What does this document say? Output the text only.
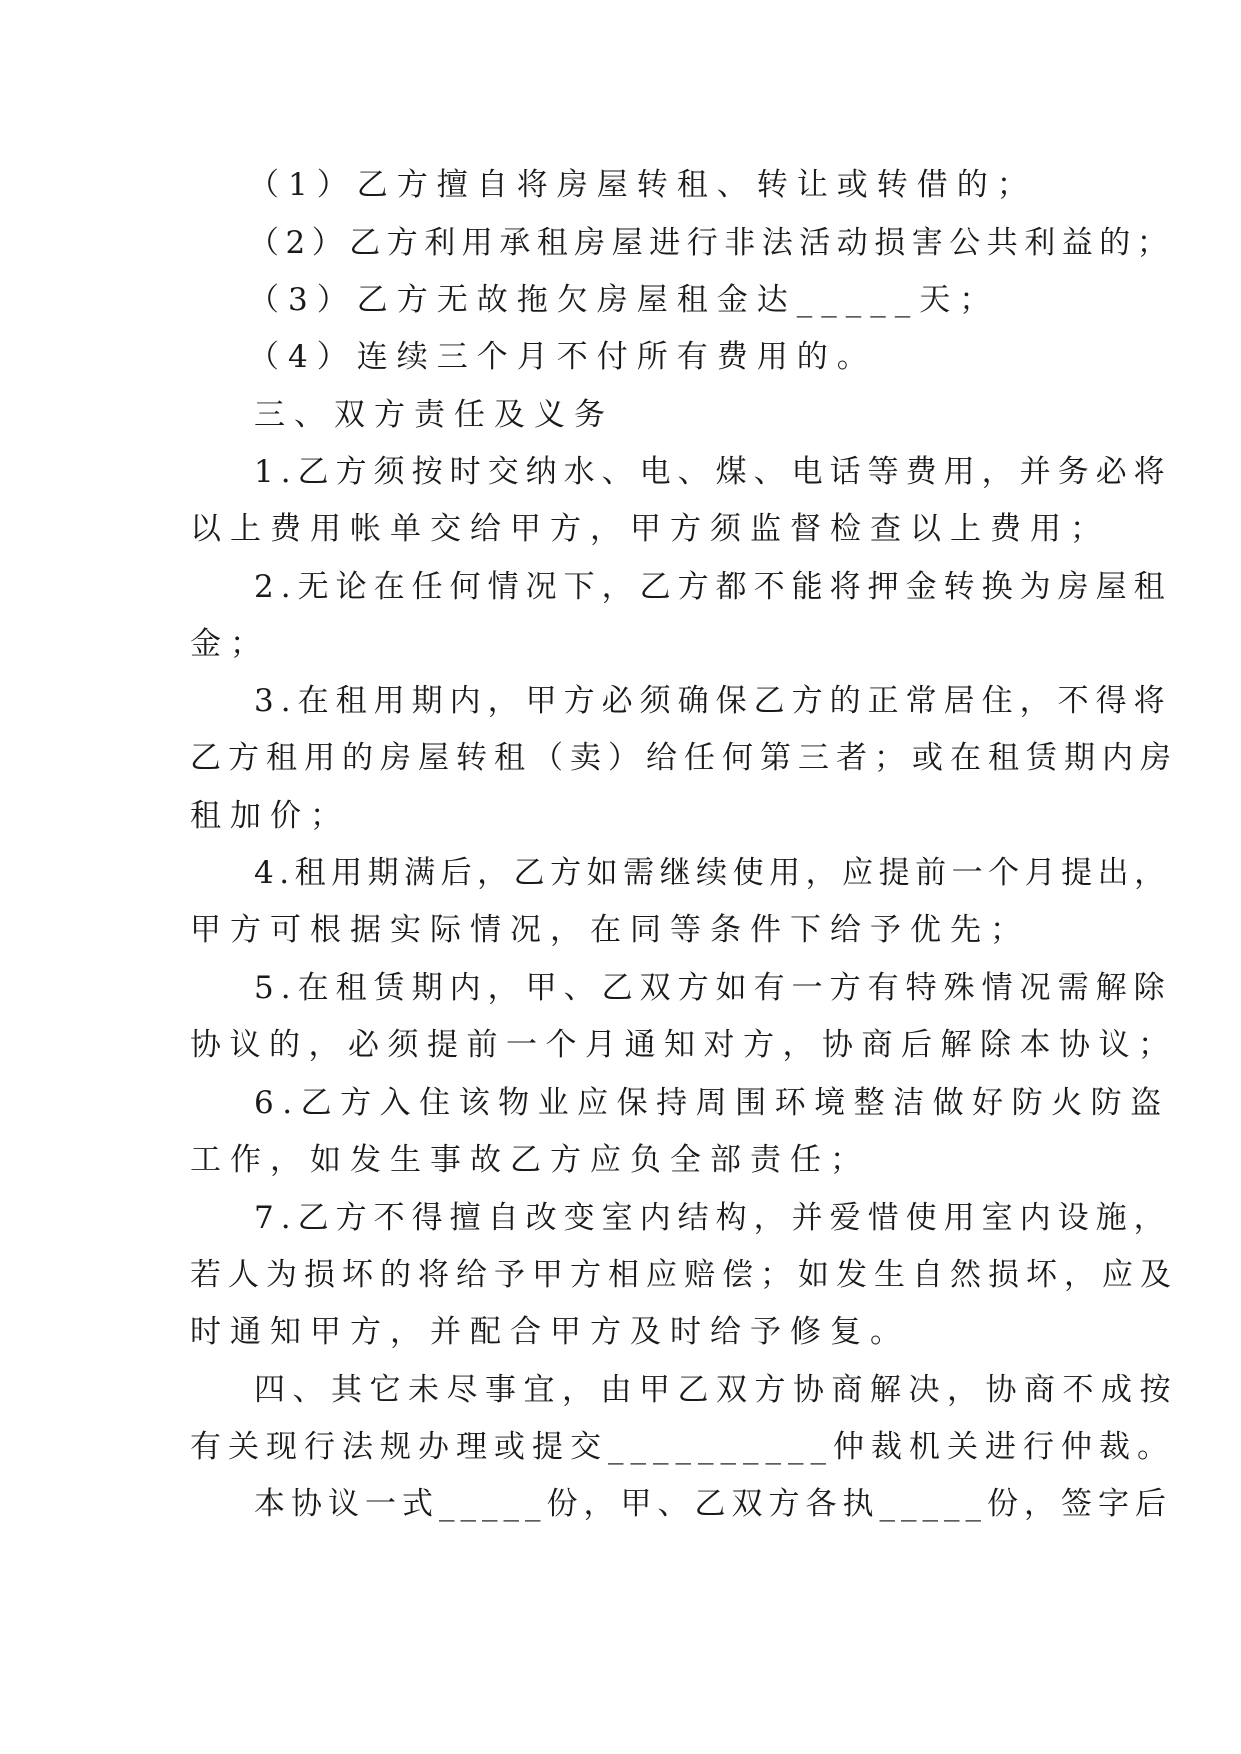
（1）乙方擅自将房屋转租、转让或转借的；
（2）乙方利用承租房屋进行非法活动损害公共利益的；
（3）乙方无故拖欠房屋租金达_____天；
（4）连续三个月不付所有费用的。
三、双方责任及义务
1.乙方须按时交纳水、电、煤、电话等费用，并务必将
以上费用帐单交给甲方，甲方须监督检查以上费用；
2.无论在任何情况下，乙方都不能将押金转换为房屋租
金；
3.在租用期内，甲方必须确保乙方的正常居住，不得将
乙方租用的房屋转租（卖）给任何第三者；或在租赁期内房
租加价；
4.租用期满后，乙方如需继续使用，应提前一个月提出，
甲方可根据实际情况，在同等条件下给予优先；
5.在租赁期内，甲、乙双方如有一方有特殊情况需解除
协议的，必须提前一个月通知对方，协商后解除本协议；
6.乙方入住该物业应保持周围环境整洁做好防火防盗
工作，如发生事故乙方应负全部责任；
7.乙方不得擅自改变室内结构，并爱惜使用室内设施，
若人为损坏的将给予甲方相应赔偿；如发生自然损坏，应及
时通知甲方，并配合甲方及时给予修复。
四、其它未尽事宜，由甲乙双方协商解决，协商不成按
有关现行法规办理或提交__________仲裁机关进行仲裁。
本协议一式_____份，甲、乙双方各执_____份，签字后
